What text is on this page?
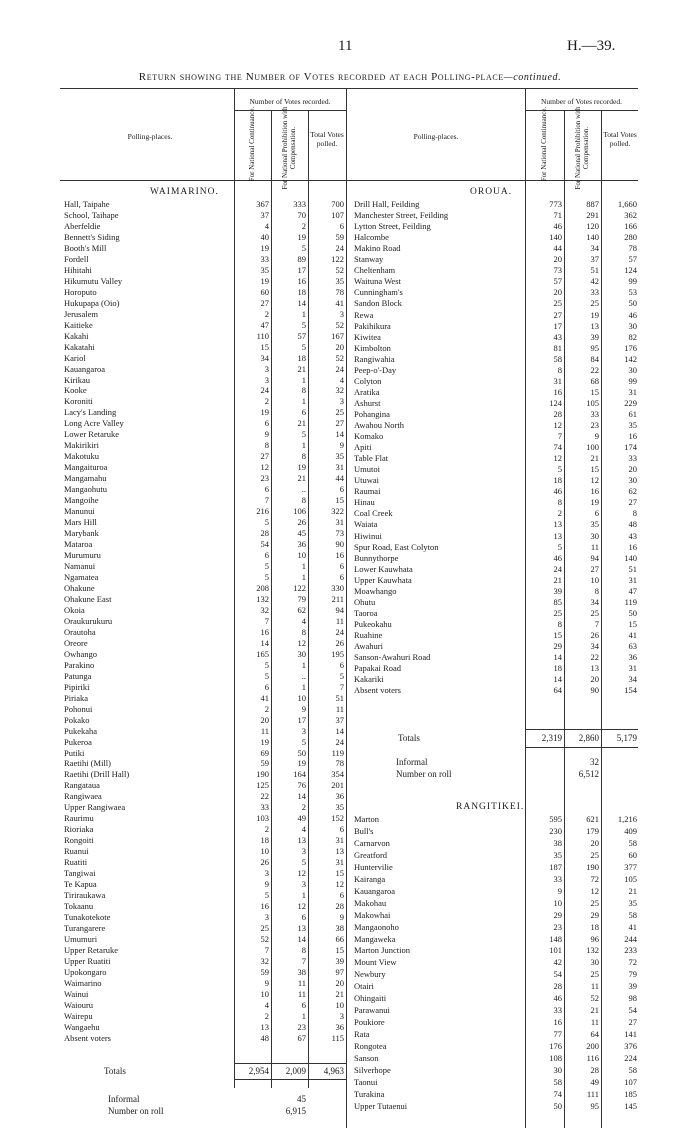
11	H.—39.
Return showing the Number of Votes recorded at each Polling-place—continued.
Polling-places.
Number of Votes recorded.
For National Continuance.	For National Prohibition with Compensation. Total Votes polled.
Polling-places.
Number of Votes recorded.
For National Continuance.	For National Prohibition with Compensation. Total Votes polled.
WAIMARINO.	OROUA.
RANGITIKEI.
Hall, Taipahe	367	333	700
School, Taihape	37	70	107
Aberfeldie	4	2	6
Bennett's Siding	40	19	59
Booth's Mill	19	5	24
Fordell	33	89	122
Hihitahi	35	17	52
Hikumutu Valley	19	16	35
Horoputo	60	18	78
Hukupapa (Oio)	27	14	41
Jerusalem	2	1	3
Kaitieke	47	5	52
Kakahi	110	57	167
Kakatahi	15	5	20
Kariol	34	18	52
Kauangaroa	3	21	24
Kirikau	3	1	4
Kooke	24	8	32
Koroniti	2	1	3
Lacy's Landing	19	6	25
Long Acre Valley	6	21	27
Lower Retaruke	9	5	14
Makirikiri	8	1	9
Makotuku	27	8	35
Mangaituroa	12	19	31
Mangamahu	23	21	44
Mangaohutu	6	..	6
Mangoihe	7	8	15
Manunui	216	106	322
Mars Hill	5	26	31
Marybank	28	45	73
Mataroa	54	36	90
Murumuru	6	10	16
Namanui	5	1	6
Ngamatea	5	1	6
Ohakune	208	122	330
Ohakune East	132	79	211
Okoia	32	62	94
Oraukurukuru	7	4	11
Orautoha	16	8	24
Oreore	14	12	26
Owhango	165	30	195
Parakino	5	1	6
Patunga	5	..	5
Pipiriki	6	1	7
Piriaka	41	10	51
Pohonui	2	9	11
Pokako	20	17	37
Pukekaha	11	3	14
Pukeroa	19	5	24
Putiki	69	50	119
Raetihi (Mill)	59	19	78
Raetihi (Drill Hall)	190	164	354
Rangataua	125	76	201
Rangiwaea	22	14	36
Upper Rangiwaea	33	2	35
Raurimu	103	49	152
Rioriaka	2	4	6
Rongoiti	18	13	31
Ruanui	10	3	13
Ruatiti	26	5	31
Tangiwai	3	12	15
Te Kapua	9	3	12
Tiriraukawa	5	1	6
Tokaanu	16	12	28
Tunakotekote	3	6	9
Turangarere	25	13	38
Umumuri	52	14	66
Upper Retaruke	7	8	15
Upper Ruatiti	32	7	39
Upokongaro	59	38	97
Waimarino	9	11	20
Wainui	10	11	21
Waiouru	4	6	10
Wairepu	2	1	3
Wangaehu	13	23	36
Absent voters	48	67	115
Drill Hall, Feilding	773	887	1,660
Manchester Street, Feilding	71	291	362
Lytton Street, Feilding	46	120	166
Halcombe	140	140	280
Makino Road	44	34	78
Stanway	20	37	57
Cheltenham	73	51	124
Waituna West	57	42	99
Cunningham's	20	33	53
Sandon Block	25	25	50
Rewa	27	19	46
Pakihikura	17	13	30
Kiwitea	43	39	82
Kimbolton	81	95	176
Rangiwahia	58	84	142
Peep-o'-Day	8	22	30
Colyton	31	68	99
Aratika	16	15	31
Ashurst	124	105	229
Pohangina	28	33	61
Awahou North	12	23	35
Komako	7	9	16
Apiti	74	100	174
Table Flat	12	21	33
Umutoi	5	15	20
Utuwai	18	12	30
Raumai	46	16	62
Hinau	8	19	27
Coal Creek	2	6	8
Waiata	13	35	48
Hiwinui	13	30	43
Spur Road, East Colyton	5	11	16
Bunnythorpe	46	94	140
Lower Kauwhata	24	27	51
Upper Kauwhata	21	10	31
Moawhango	39	8	47
Ohutu	85	34	119
Taoroa	25	25	50
Pukeokahu	8	7	15
Ruahine	15	26	41
Awahuri	29	34	63
Sanson-Awahuri Road	14	22	36
Papakai Road	18	13	31
Kakariki	14	20	34
Absent voters	64	90	154
Marton	595	621	1,216
Bull's	230	179	409
Carnarvon	38	20	58
Greatford	35	25	60
Huntervilie	187	190	377
Kairanga	33	72	105
Kauangaroa	9	12	21
Makohau	10	25	35
Makowhai	29	29	58
Mangaonoho	23	18	41
Mangaweka	148	96	244
Marton Junction	101	132	233
Mount View	42	30	72
Newbury	54	25	79
Otairi	28	11	39
Ohingaiti	46	52	98
Parawanui	33	21	54
Poukiore	16	11	27
Rata	77	64	141
Rongotea	176	200	376
Sanson	108	116	224
Silverhope	30	28	58
Taonui	58	49	107
Turakina	74	111	185
Upper Tutaenui	50	95	145
Totals	2,954	2,009	4,963
Informal	45
Number on roll	6,915
Totals	2,319	2,860	5,179
Informal	32
Number on roll	6,512
